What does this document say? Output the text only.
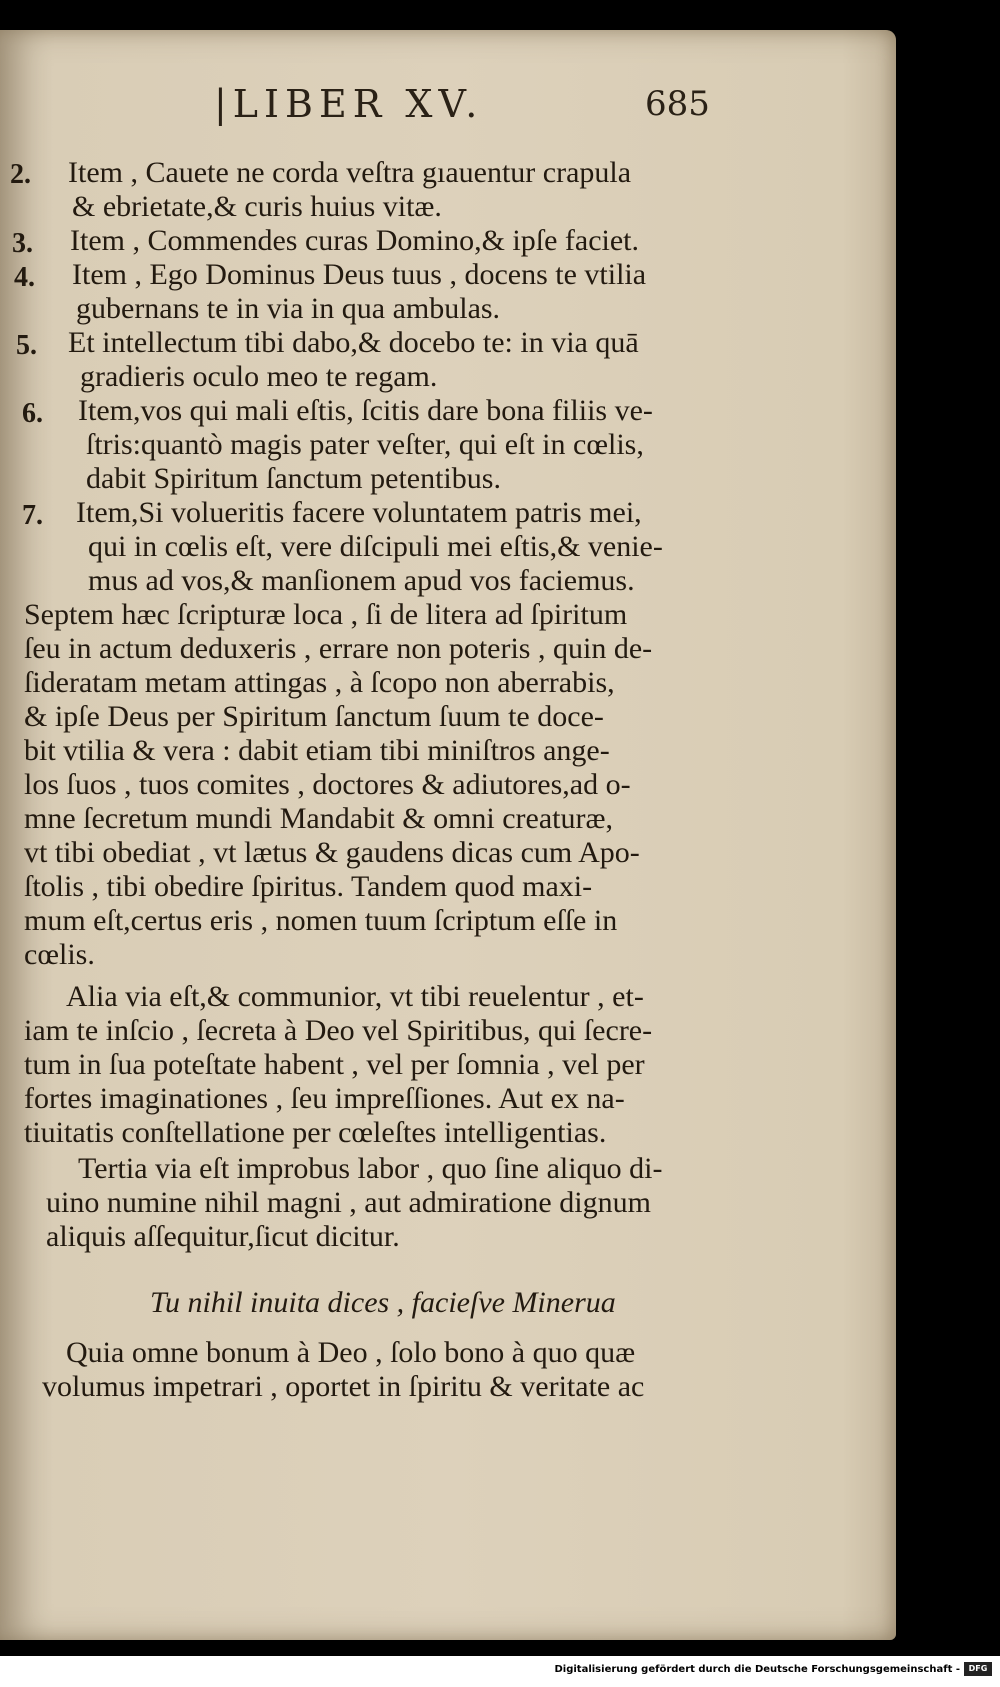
|LIBER XV.	685
2.
3.
4.
5.
6.
7.
Item , Cauete ne corda veſtra gıauentur crapula
& ebrietate,& curis huius vitæ.
Item , Commendes curas Domino,& ipſe faciet.
Item , Ego Dominus Deus tuus , docens te vtilia
gubernans te in via in qua ambulas.
Et intellectum tibi dabo,& docebo te: in via quā
gradieris oculo meo te regam.
Item,vos qui mali eſtis, ſcitis dare bona filiis ve-
ſtris:quantò magis pater veſter, qui eſt in cœlis,
dabit Spiritum ſanctum petentibus.
Item,Si volueritis facere voluntatem patris mei,
qui in cœlis eſt, vere diſcipuli mei eſtis,& venie-
mus ad vos,& manſionem apud vos faciemus.
Septem hæc ſcripturæ loca , ſi de litera ad ſpiritum
ſeu in actum deduxeris , errare non poteris , quin de-
ſideratam metam attingas , à ſcopo non aberrabis,
& ipſe Deus per Spiritum ſanctum ſuum te doce-
bit vtilia & vera : dabit etiam tibi miniſtros ange-
los ſuos , tuos comites , doctores & adiutores,ad o-
mne ſecretum mundi Mandabit & omni creaturæ,
vt tibi obediat , vt lætus & gaudens dicas cum Apo-
ſtolis , tibi obedire ſpiritus. Tandem quod maxi-
mum eſt,certus eris , nomen tuum ſcriptum eſſe in
cœlis.
Alia via eſt,& communior, vt tibi reuelentur , et-
iam te inſcio , ſecreta à Deo vel Spiritibus, qui ſecre-
tum in ſua poteſtate habent , vel per ſomnia , vel per
fortes imaginationes , ſeu impreſſiones. Aut ex na-
tiuitatis conſtellatione per cœleſtes intelligentias.
Tertia via eſt improbus labor , quo ſine aliquo di-
uino numine nihil magni , aut admiratione dignum
aliquis aſſequitur,ſicut dicitur.
Tu nihil inuita dices , facieſve Minerua
Quia omne bonum à Deo , ſolo bono à quo quæ
volumus impetrari , oportet in ſpiritu & veritate ac
Digitalisierung gefördert durch die Deutsche Forschungsgemeinschaft -	DFG
